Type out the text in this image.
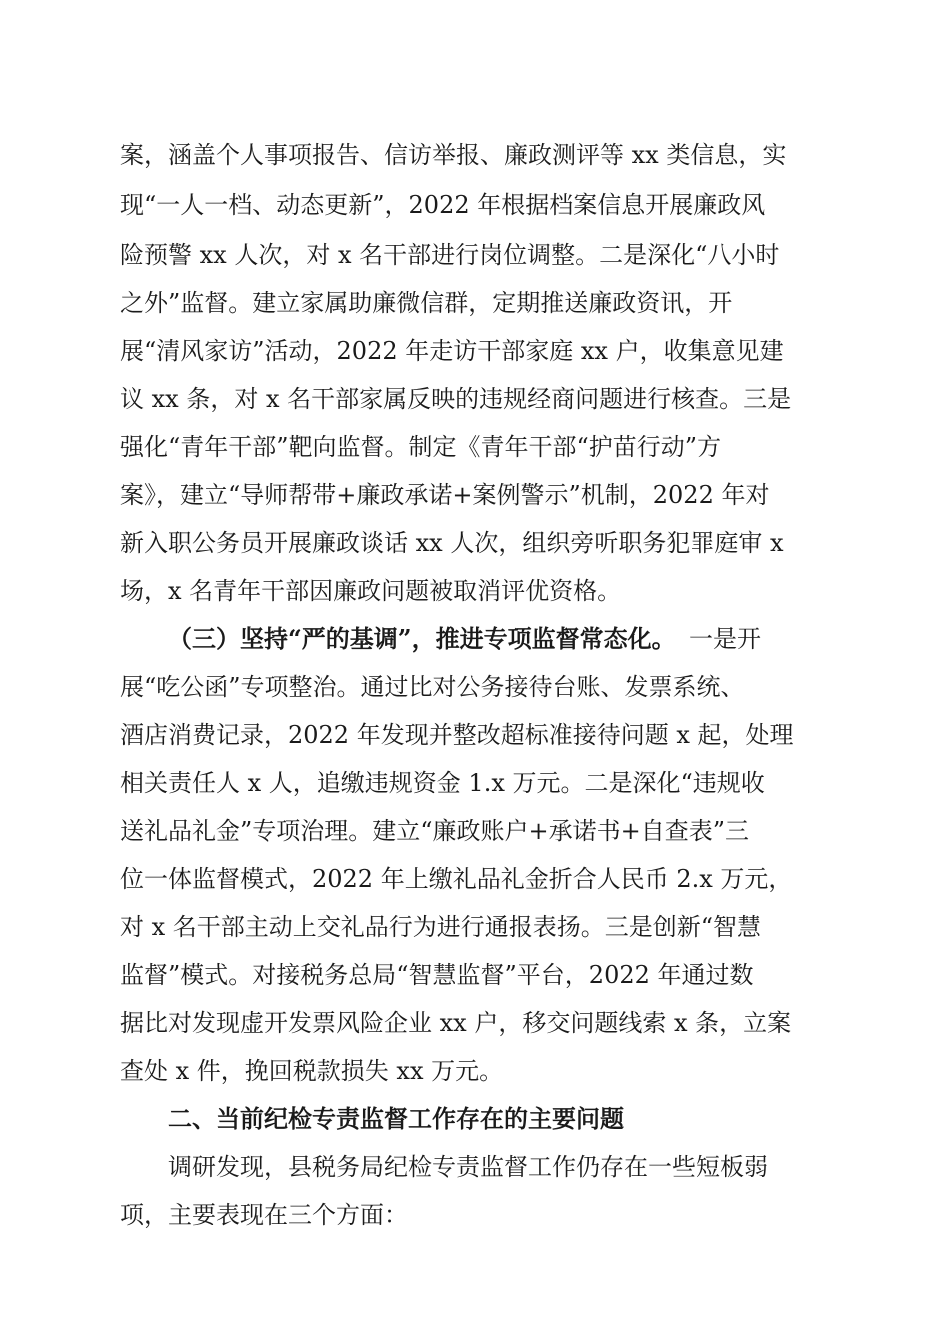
案，涵盖个人事项报告、信访举报、廉政测评等 xx 类信息，实
现“一人一档、动态更新”，2022 年根据档案信息开展廉政风
险预警 xx 人次，对 x 名干部进行岗位调整。二是深化“八小时
之外”监督。建立家属助廉微信群，定期推送廉政资讯，开
展“清风家访”活动，2022 年走访干部家庭 xx 户，收集意见建
议 xx 条，对 x 名干部家属反映的违规经商问题进行核查。三是
强化“青年干部”靶向监督。制定《青年干部“护苗行动”方
案》，建立“导师帮带+廉政承诺+案例警示”机制，2022 年对
新入职公务员开展廉政谈话 xx 人次，组织旁听职务犯罪庭审 x
场，x 名青年干部因廉政问题被取消评优资格。

（三）坚持“严的基调”，推进专项监督常态化。

一是开

展“吃公函”专项整治。通过比对公务接待台账、发票系统、
酒店消费记录，2022 年发现并整改超标准接待问题 x 起，处理
相关责任人 x 人，追缴违规资金 1.x 万元。二是深化“违规收
送礼品礼金”专项治理。建立“廉政账户+承诺书+自查表”三
位一体监督模式，2022 年上缴礼品礼金折合人民币 2.x 万元，
对 x 名干部主动上交礼品行为进行通报表扬。三是创新“智慧
监督”模式。对接税务总局“智慧监督”平台，2022 年通过数
据比对发现虚开发票风险企业 xx 户，移交问题线索 x 条，立案
查处 x 件，挽回税款损失 xx 万元。

二、当前纪检专责监督工作存在的主要问题

调研发现，县税务局纪检专责监督工作仍存在一些短板弱
项，主要表现在三个方面：
